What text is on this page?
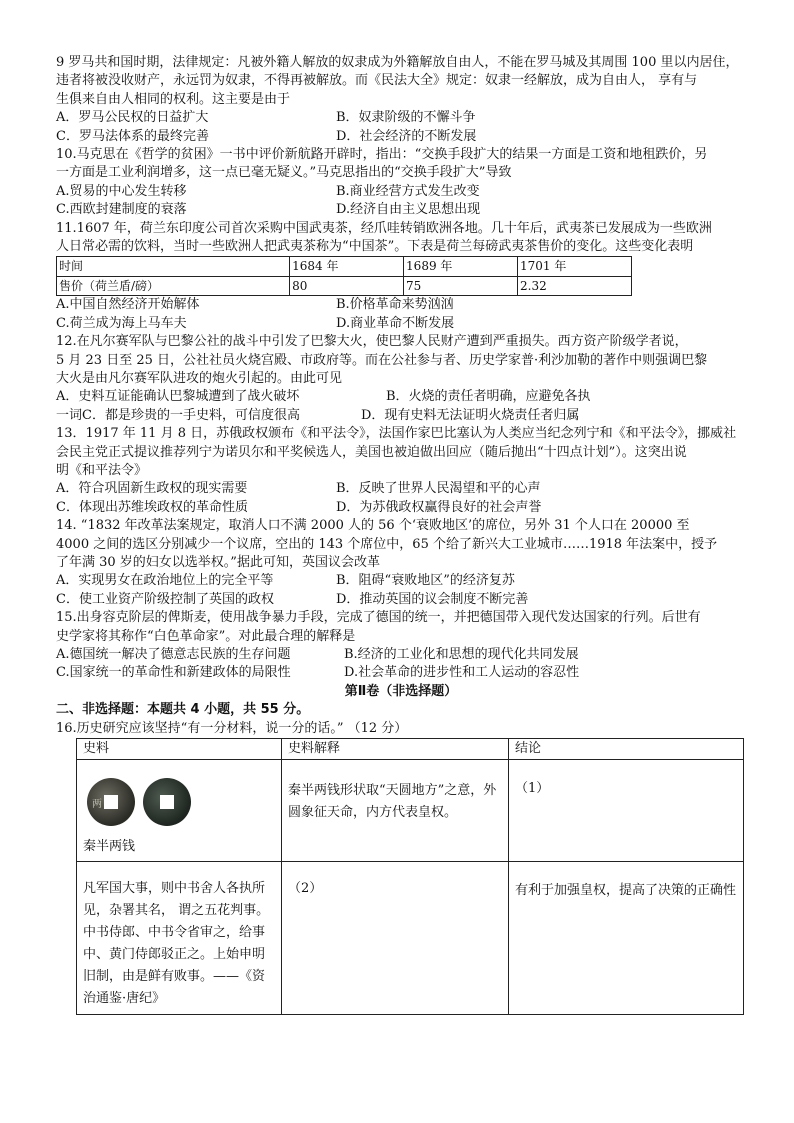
9 罗马共和国时期，法律规定：凡被外籍人解放的奴隶成为外籍解放自由人，不能在罗马城及其周围 100 里以内居住，

违者将被没收财产，永远罚为奴隶，不得再被解放。而《民法大全》规定：奴隶一经解放，成为自由人， 享有与

生俱来自由人相同的权利。这主要是由于

A．罗马公民权的日益扩大	B．奴隶阶级的不懈斗争
C．罗马法体系的最终完善	D．社会经济的不断发展

10.马克思在《哲学的贫困》一书中评价新航路开辟时，指出：“交换手段扩大的结果一方面是工资和地租跌价，另

一方面是工业利润增多，这一点已毫无疑义。”马克思指出的“交换手段扩大”导致

A.贸易的中心发生转移	B.商业经营方式发生改变
C.西欧封建制度的衰落	D.经济自由主义思想出现

11.1607 年，荷兰东印度公司首次采购中国武夷茶，经爪哇转销欧洲各地。几十年后，武夷茶已发展成为一些欧洲

人日常必需的饮料，当时一些欧洲人把武夷茶称为“中国茶”。下表是荷兰每磅武夷茶售价的变化。这些变化表明

时间	1684 年	1689 年	1701 年
售价（荷兰盾/磅）	80	75	2.32
A.中国自然经济开始解体	B.价格革命来势汹汹
C.荷兰成为海上马车夫	D.商业革命不断发展

12.在凡尔赛军队与巴黎公社的战斗中引发了巴黎大火，使巴黎人民财产遭到严重损失。西方资产阶级学者说，

5 月 23 日至 25 日，公社社员火烧宫殿、市政府等。而在公社参与者、历史学家普·利沙加勒的著作中则强调巴黎

大火是由凡尔赛军队进攻的炮火引起的。由此可见

A．史料互证能确认巴黎城遭到了战火破坏	B．火烧的责任者明确，应避免各执
一词C．都是珍贵的一手史料，可信度很高	D．现有史料无法证明火烧责任者归属

13．1917 年 11 月 8 日，苏俄政权颁布《和平法令》，法国作家巴比塞认为人类应当纪念列宁和《和平法令》，挪威社

会民主党正式提议推荐列宁为诺贝尔和平奖候选人，美国也被迫做出回应（随后抛出“十四点计划”）。这突出说

明《和平法令》

A．符合巩固新生政权的现实需要	B．反映了世界人民渴望和平的心声
C．体现出苏维埃政权的革命性质	D．为苏俄政权赢得良好的社会声誉

14. “1832 年改革法案规定，取消人口不满 2000 人的 56 个‘衰败地区’的席位，另外 31 个人口在 20000 至

4000 之间的选区分别减少一个议席，空出的 143 个席位中，65 个给了新兴大工业城市……1918 年法案中，授予

了年满 30 岁的妇女以选举权。”据此可知，英国议会改革

A．实现男女在政治地位上的完全平等	B．阻碍“衰败地区”的经济复苏
C．使工业资产阶级控制了英国的政权	D．推动英国的议会制度不断完善

15.出身容克阶层的俾斯麦，使用战争暴力手段，完成了德国的统一，并把德国带入现代发达国家的行列。后世有

史学家将其称作“白色革命家”。对此最合理的解释是

A.德国统一解决了德意志民族的生存问题	B.经济的工业化和思想的现代化共同发展
C.国家统一的革命性和新建政体的局限性	D.社会革命的进步性和工人运动的容忍性
第Ⅱ卷（非选择题）
二、非选择题：本题共 4 小题，共 55 分。

16.历史研究应该坚持“有一分材料，说一分的话。” （12 分）

史料	史料解释	结论

两
秦半两钱	秦半两钱形状取“天圆地方”之意，外圆象征天命，内方代表皇权。	（1）
凡军国大事，则中书舍人各执所见，杂署其名， 谓之五花判事。中书侍郎、中书令省审之，给事中、黄门侍郎驳正之。上始申明旧制，由是鲜有败事。——《资治通鉴·唐纪》	（2）	有利于加强皇权，提高了决策的正确性
